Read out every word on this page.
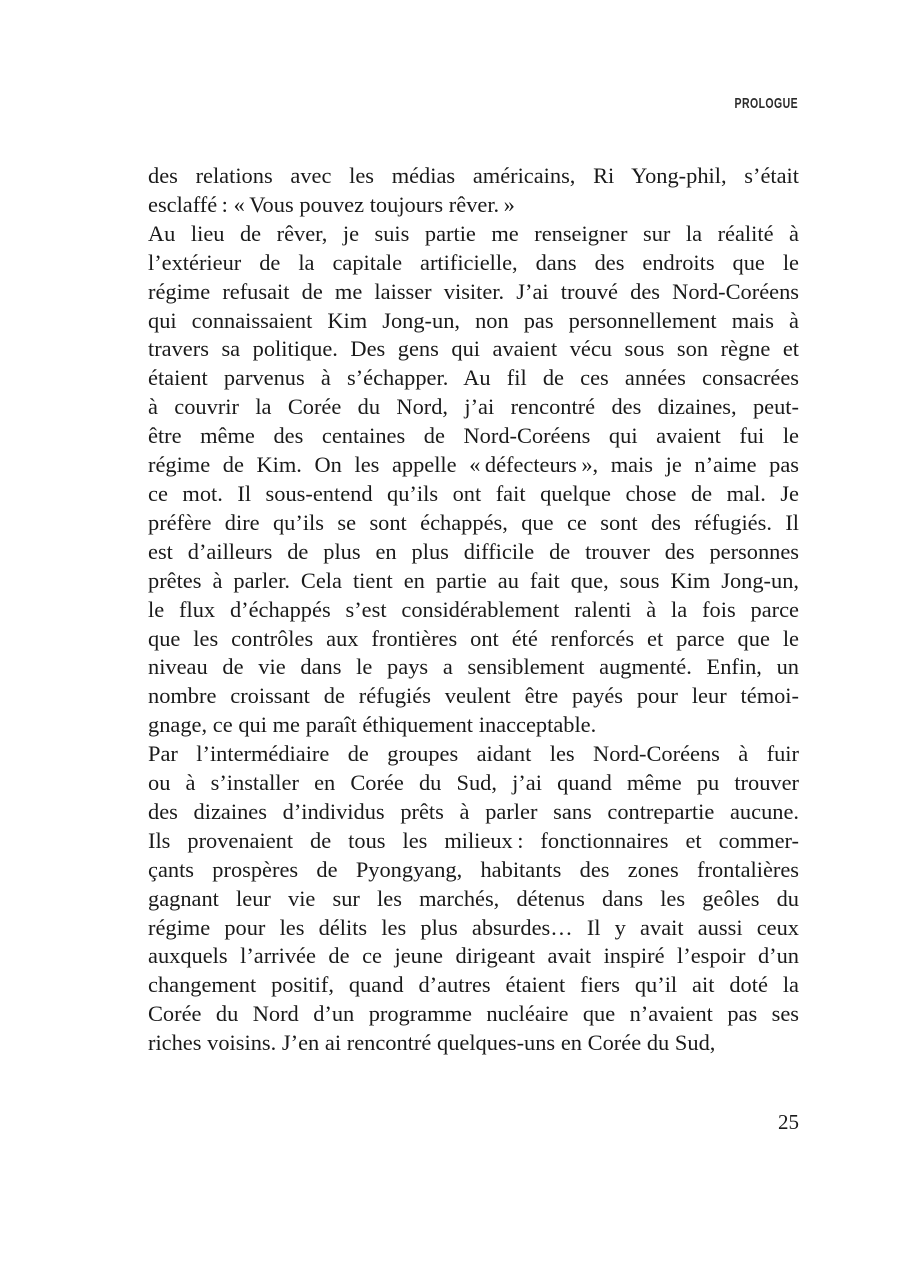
PROLOGUE

des relations avec les médias américains, Ri Yong-phil, s’était
esclaffé : « Vous pouvez toujours rêver. »

Au lieu de rêver, je suis partie me renseigner sur la réalité à
l’extérieur de la capitale artificielle, dans des endroits que le
régime refusait de me laisser visiter. J’ai trouvé des Nord-Coréens
qui connaissaient Kim Jong-un, non pas personnellement mais à
travers sa politique. Des gens qui avaient vécu sous son règne et
étaient parvenus à s’échapper. Au fil de ces années consacrées
à couvrir la Corée du Nord, j’ai rencontré des dizaines, peut-
être même des centaines de Nord-Coréens qui avaient fui le
régime de Kim. On les appelle « défecteurs », mais je n’aime pas
ce mot. Il sous-entend qu’ils ont fait quelque chose de mal. Je
préfère dire qu’ils se sont échappés, que ce sont des réfugiés. Il
est d’ailleurs de plus en plus difficile de trouver des personnes
prêtes à parler. Cela tient en partie au fait que, sous Kim Jong-un,
le flux d’échappés s’est considérablement ralenti à la fois parce
que les contrôles aux frontières ont été renforcés et parce que le
niveau de vie dans le pays a sensiblement augmenté. Enfin, un
nombre croissant de réfugiés veulent être payés pour leur témoi-
gnage, ce qui me paraît éthiquement inacceptable.

Par l’intermédiaire de groupes aidant les Nord-Coréens à fuir
ou à s’installer en Corée du Sud, j’ai quand même pu trouver
des dizaines d’individus prêts à parler sans contrepartie aucune.
Ils provenaient de tous les milieux : fonctionnaires et commer-
çants prospères de Pyongyang, habitants des zones frontalières
gagnant leur vie sur les marchés, détenus dans les geôles du
régime pour les délits les plus absurdes… Il y avait aussi ceux
auxquels l’arrivée de ce jeune dirigeant avait inspiré l’espoir d’un
changement positif, quand d’autres étaient fiers qu’il ait doté la
Corée du Nord d’un programme nucléaire que n’avaient pas ses
riches voisins. J’en ai rencontré quelques-uns en Corée du Sud,

25
